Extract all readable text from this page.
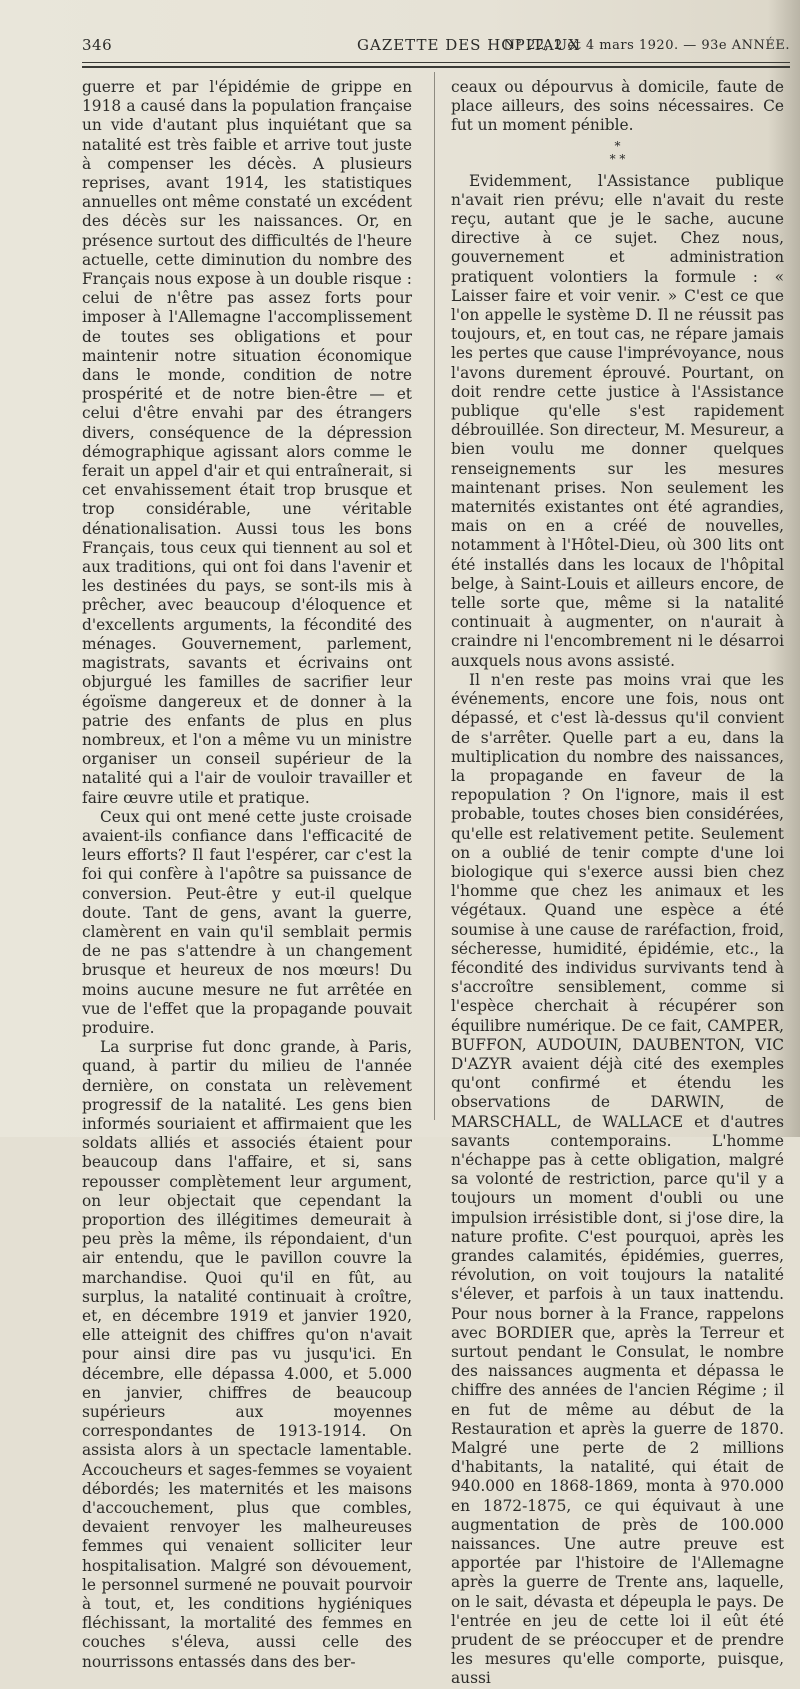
346	GAZETTE DES HOPITAUX
N° 22, 2 et 4 mars 1920. — 93e ANNÉE.

guerre et par l'épidémie de grippe en 1918 a causé dans la population française un vide d'autant plus inquiétant que sa natalité est très faible et arrive tout juste à compenser les décès. A plusieurs reprises, avant 1914, les statistiques annuelles ont même constaté un excédent des décès sur les naissances. Or, en présence surtout des difficultés de l'heure actuelle, cette diminution du nombre des Français nous expose à un double risque : celui de n'être pas assez forts pour imposer à l'Allemagne l'accomplissement de toutes ses obligations et pour maintenir notre situation économique dans le monde, condition de notre prospérité et de notre bien-être — et celui d'être envahi par des étrangers divers, conséquence de la dépression démographique agissant alors comme le ferait un appel d'air et qui entraînerait, si cet envahissement était trop brusque et trop considérable, une véritable dénationalisation. Aussi tous les bons Français, tous ceux qui tiennent au sol et aux traditions, qui ont foi dans l'avenir et les destinées du pays, se sont-ils mis à prêcher, avec beaucoup d'éloquence et d'excellents arguments, la fécondité des ménages. Gouvernement, parlement, magistrats, savants et écrivains ont objurgué les familles de sacrifier leur égoïsme dangereux et de donner à la patrie des enfants de plus en plus nombreux, et l'on a même vu un ministre organiser un conseil supérieur de la natalité qui a l'air de vouloir travailler et faire œuvre utile et pratique.

Ceux qui ont mené cette juste croisade avaient-ils confiance dans l'efficacité de leurs efforts? Il faut l'espérer, car c'est la foi qui confère à l'apôtre sa puissance de conversion. Peut-être y eut-il quelque doute. Tant de gens, avant la guerre, clamèrent en vain qu'il semblait permis de ne pas s'attendre à un changement brusque et heureux de nos mœurs! Du moins aucune mesure ne fut arrêtée en vue de l'effet que la propagande pouvait produire.

La surprise fut donc grande, à Paris, quand, à partir du milieu de l'année dernière, on constata un relèvement progressif de la natalité. Les gens bien informés souriaient et affirmaient que les soldats alliés et associés étaient pour beaucoup dans l'affaire, et si, sans repousser complètement leur argument, on leur objectait que cependant la proportion des illégitimes demeurait à peu près la même, ils répondaient, d'un air entendu, que le pavillon couvre la marchandise. Quoi qu'il en fût, au surplus, la natalité continuait à croître, et, en décembre 1919 et janvier 1920, elle atteignit des chiffres qu'on n'avait pour ainsi dire pas vu jusqu'ici. En décembre, elle dépassa 4.000, et 5.000 en janvier, chiffres de beaucoup supérieurs aux moyennes correspondantes de 1913-1914. On assista alors à un spectacle lamentable. Accoucheurs et sages-femmes se voyaient débordés; les maternités et les maisons d'accouchement, plus que combles, devaient renvoyer les malheureuses femmes qui venaient solliciter leur hospitalisation. Malgré son dévouement, le personnel surmené ne pouvait pourvoir à tout, et, les conditions hygiéniques fléchissant, la mortalité des femmes en couches s'éleva, aussi celle des nourrissons entassés dans des ber-

ceaux ou dépourvus à domicile, faute de place ailleurs, des soins nécessaires. Ce fut un moment pénible.

*
* *

Evidemment, l'Assistance publique n'avait rien prévu; elle n'avait du reste reçu, autant que je le sache, aucune directive à ce sujet. Chez nous, gouvernement et administration pratiquent volontiers la formule : « Laisser faire et voir venir. » C'est ce que l'on appelle le système D. Il ne réussit pas toujours, et, en tout cas, ne répare jamais les pertes que cause l'imprévoyance, nous l'avons durement éprouvé. Pourtant, on doit rendre cette justice à l'Assistance publique qu'elle s'est rapidement débrouillée. Son directeur, M. Mesureur, a bien voulu me donner quelques renseignements sur les mesures maintenant prises. Non seulement les maternités existantes ont été agrandies, mais on en a créé de nouvelles, notamment à l'Hôtel-Dieu, où 300 lits ont été installés dans les locaux de l'hôpital belge, à Saint-Louis et ailleurs encore, de telle sorte que, même si la natalité continuait à augmenter, on n'aurait à craindre ni l'encombrement ni le désarroi auxquels nous avons assisté.

Il n'en reste pas moins vrai que les événements, encore une fois, nous ont dépassé, et c'est là-dessus qu'il convient de s'arrêter. Quelle part a eu, dans la multiplication du nombre des naissances, la propagande en faveur de la repopulation ? On l'ignore, mais il est probable, toutes choses bien considérées, qu'elle est relativement petite. Seulement on a oublié de tenir compte d'une loi biologique qui s'exerce aussi bien chez l'homme que chez les animaux et les végétaux. Quand une espèce a été soumise à une cause de raréfaction, froid, sécheresse, humidité, épidémie, etc., la fécondité des individus survivants tend à s'accroître sensiblement, comme si l'espèce cherchait à récupérer son équilibre numérique. De ce fait, CAMPER, BUFFON, AUDOUIN, DAUBENTON, VIC D'AZYR avaient déjà cité des exemples qu'ont confirmé et étendu les observations de DARWIN, de MARSCHALL, de WALLACE et d'autres savants contemporains. L'homme n'échappe pas à cette obligation, malgré sa volonté de restriction, parce qu'il y a toujours un moment d'oubli ou une impulsion irrésistible dont, si j'ose dire, la nature profite. C'est pourquoi, après les grandes calamités, épidémies, guerres, révolution, on voit toujours la natalité s'élever, et parfois à un taux inattendu. Pour nous borner à la France, rappelons avec BORDIER que, après la Terreur et surtout pendant le Consulat, le nombre des naissances augmenta et dépassa le chiffre des années de l'ancien Régime ; il en fut de même au début de la Restauration et après la guerre de 1870. Malgré une perte de 2 millions d'habitants, la natalité, qui était de 940.000 en 1868-1869, monta à 970.000 en 1872-1875, ce qui équivaut à une augmentation de près de 100.000 naissances. Une autre preuve est apportée par l'histoire de l'Allemagne après la guerre de Trente ans, laquelle, on le sait, dévasta et dépeupla le pays. De l'entrée en jeu de cette loi il eût été prudent de se préoccuper et de prendre les mesures qu'elle comporte, puisque, aussi
